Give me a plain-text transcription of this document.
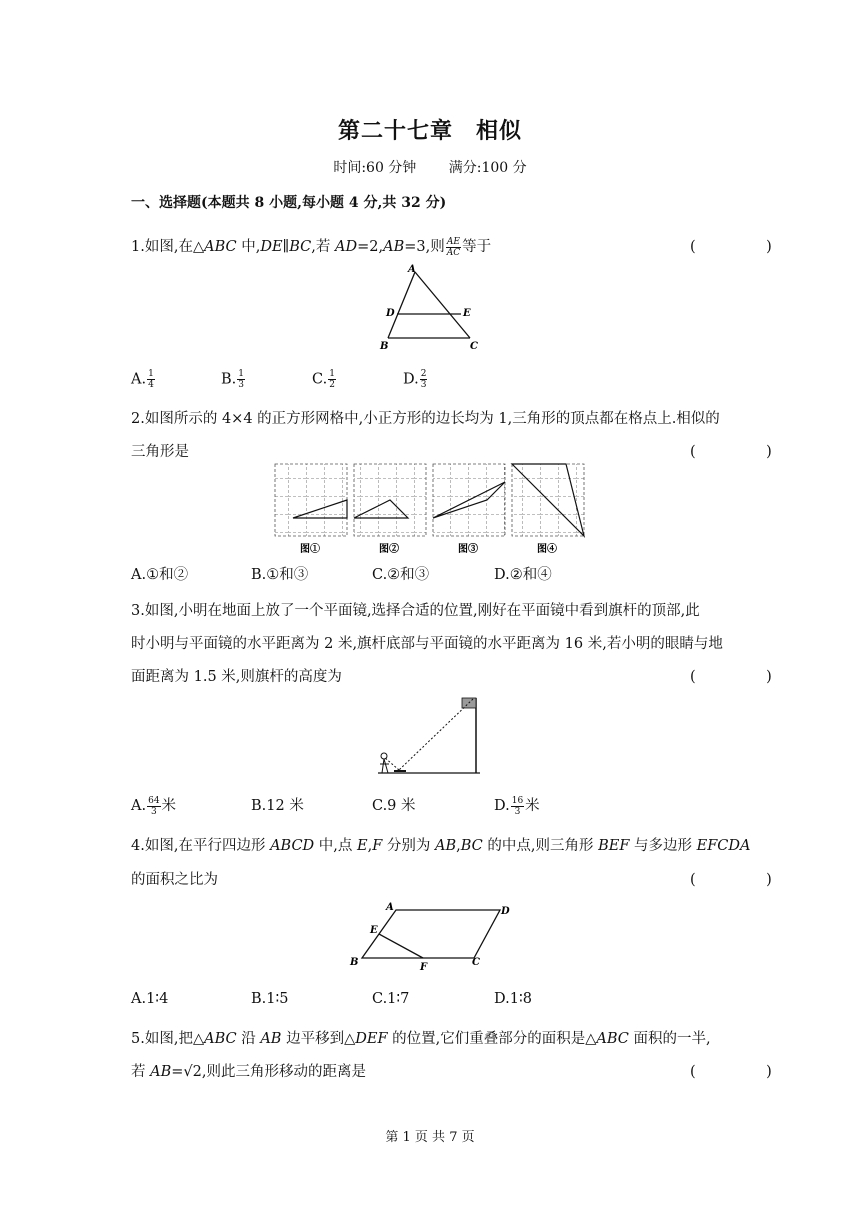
第二十七章　相似
时间:60 分钟 满分:100 分
一、选择题(本题共 8 小题,每小题 4 分,共 32 分)
1.如图,在△ABC 中,DE∥BC,若 AD=2,AB=3,则 $\frac{AE}{AC}$ 等于	(　)
A
D	E
B	C
A. $\frac{1}{4}$	B. $\frac{1}{3}$	C. $\frac{1}{2}$	D. $\frac{2}{3}$
2.如图所示的 4×4 的正方形网格中,小正方形的边长均为 1,三角形的顶点都在格点上.相似的
三角形是	(　)
图①	图②	图③	图④
A.①和②	B.①和③	C.②和③	D.②和④
3.如图,小明在地面上放了一个平面镜,选择合适的位置,刚好在平面镜中看到旗杆的顶部,此
时小明与平面镜的水平距离为 2 米,旗杆底部与平面镜的水平距离为 16 米,若小明的眼睛与地
面距离为 1.5 米,则旗杆的高度为	(　)
A. $\frac{64}{3}$ 米	B.12 米	C.9 米	D. $\frac{16}{3}$ 米
4.如图,在平行四边形 ABCD 中,点 E,F 分别为 AB,BC 的中点,则三角形 BEF 与多边形 EFCDA
的面积之比为	(　)
A	D
E
B	F	C
A.1∶4	B.1∶5	C.1∶7	D.1∶8
5.如图,把△ABC 沿 AB 边平移到△DEF 的位置,它们重叠部分的面积是△ABC 面积的一半,
若 AB=√2,则此三角形移动的距离是	(　)
第 1 页 共 7 页
